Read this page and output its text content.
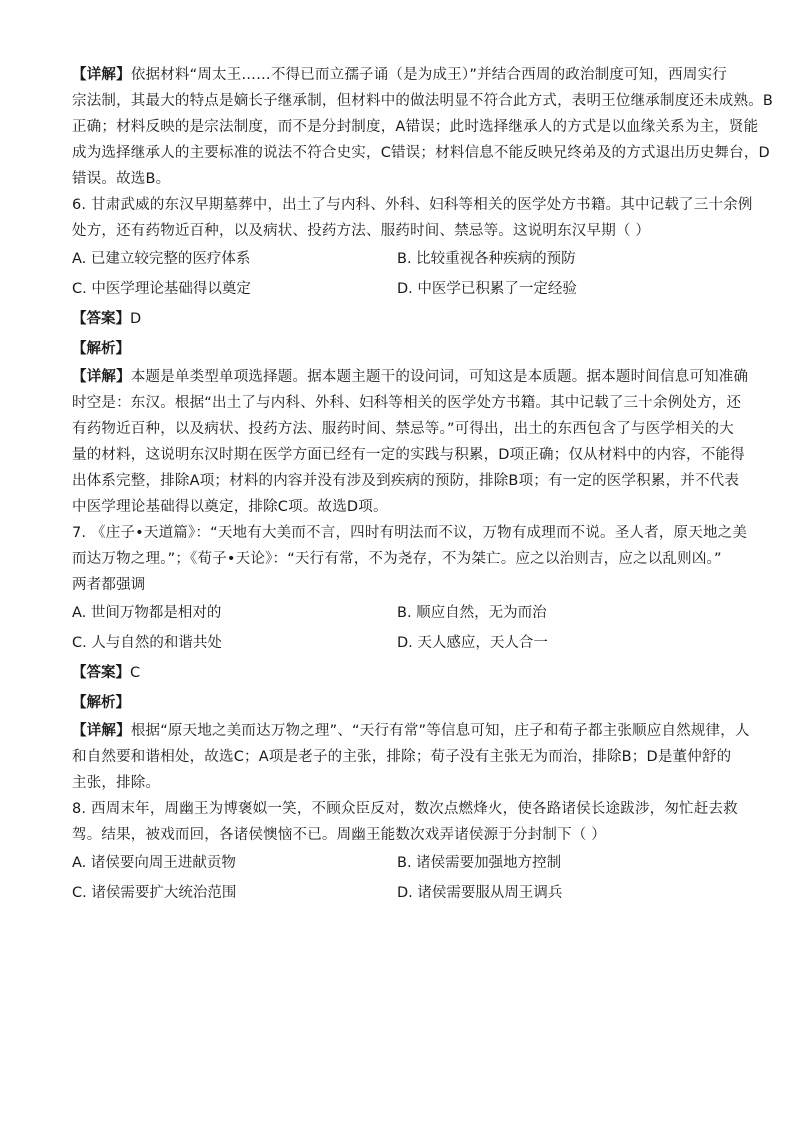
【详解】依据材料“周太王……不得已而立孺子诵（是为成王）”并结合西周的政治制度可知，西周实行
宗法制，其最大的特点是嫡长子继承制，但材料中的做法明显不符合此方式，表明王位继承制度还未成熟。B
正确；材料反映的是宗法制度，而不是分封制度，A错误；此时选择继承人的方式是以血缘关系为主，贤能
成为选择继承人的主要标准的说法不符合史实，C错误；材料信息不能反映兄终弟及的方式退出历史舞台，D
错误。故选B。
6. 甘肃武威的东汉早期墓葬中，出土了与内科、外科、妇科等相关的医学处方书籍。其中记载了三十余例
处方，还有药物近百种，以及病状、投药方法、服药时间、禁忌等。这说明东汉早期（ ）
A. 已建立较完整的医疗体系	B. 比较重视各种疾病的预防
C. 中医学理论基础得以奠定	D. 中医学已积累了一定经验
【答案】D
【解析】
【详解】本题是单类型单项选择题。据本题主题干的设问词，可知这是本质题。据本题时间信息可知准确
时空是：东汉。根据“出土了与内科、外科、妇科等相关的医学处方书籍。其中记载了三十余例处方，还
有药物近百种，以及病状、投药方法、服药时间、禁忌等。”可得出，出土的东西包含了与医学相关的大
量的材料，这说明东汉时期在医学方面已经有一定的实践与积累，D项正确；仅从材料中的内容，不能得
出体系完整，排除A项；材料的内容并没有涉及到疾病的预防，排除B项；有一定的医学积累，并不代表
中医学理论基础得以奠定，排除C项。故选D项。
7. 《庄子•天道篇》：“天地有大美而不言，四时有明法而不议，万物有成理而不说。圣人者，原天地之美
而达万物之理。”；《荀子•天论》：“天行有常，不为尧存，不为桀亡。应之以治则吉，应之以乱则凶。”
两者都强调
A. 世间万物都是相对的	B. 顺应自然，无为而治
C. 人与自然的和谐共处	D. 天人感应，天人合一
【答案】C
【解析】
【详解】根据“原天地之美而达万物之理”、“天行有常”等信息可知，庄子和荀子都主张顺应自然规律，人
和自然要和谐相处，故选C；A项是老子的主张，排除；荀子没有主张无为而治，排除B；D是董仲舒的
主张，排除。
8. 西周末年，周幽王为博褒姒一笑，不顾众臣反对，数次点燃烽火，使各路诸侯长途跋涉，匆忙赶去救
驾。结果，被戏而回，各诸侯懊恼不已。周幽王能数次戏弄诸侯源于分封制下（ ）
A. 诸侯要向周王进献贡物	B. 诸侯需要加强地方控制
C. 诸侯需要扩大统治范围	D. 诸侯需要服从周王调兵
